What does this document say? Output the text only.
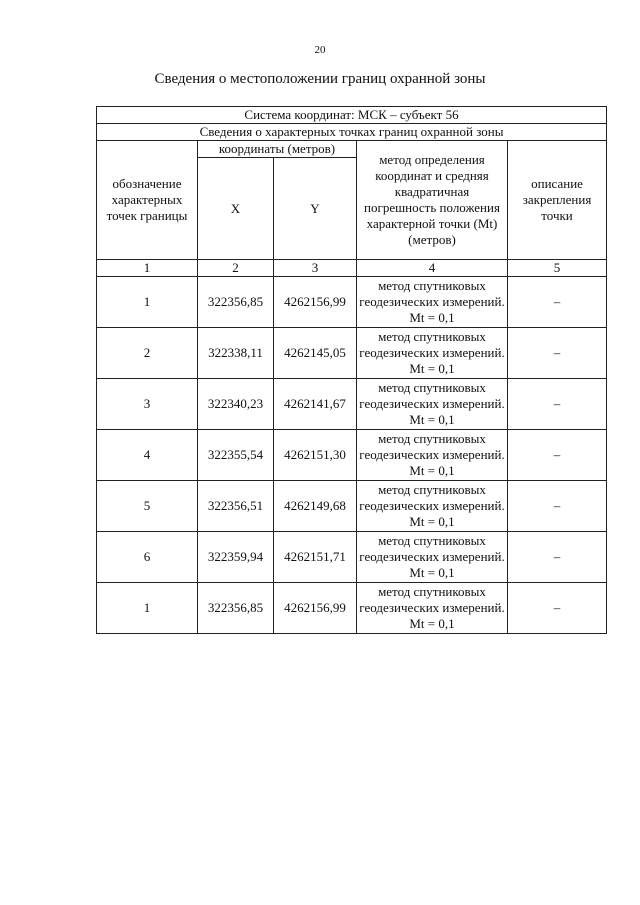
20
Сведения о местоположении границ охранной зоны
Система координат: МСК – субъект 56				
Сведения о характерных точках границ охранной зоны				
обозначение характерных точек границы	координаты (метров)		метод определения координат и средняя квадратичная погрешность положения характерной точки (Mt) (метров)	описание закрепления точки
	X	Y		
1	2	3	4	5
1	322356,85	4262156,99	метод спутниковых геодезических измерений. Mt = 0,1	–
2	322338,11	4262145,05	метод спутниковых геодезических измерений. Mt = 0,1	–
3	322340,23	4262141,67	метод спутниковых геодезических измерений. Mt = 0,1	–
4	322355,54	4262151,30	метод спутниковых геодезических измерений. Mt = 0,1	–
5	322356,51	4262149,68	метод спутниковых геодезических измерений. Mt = 0,1	–
6	322359,94	4262151,71	метод спутниковых геодезических измерений. Mt = 0,1	–
1	322356,85	4262156,99	метод спутниковых геодезических измерений. Mt = 0,1	–
